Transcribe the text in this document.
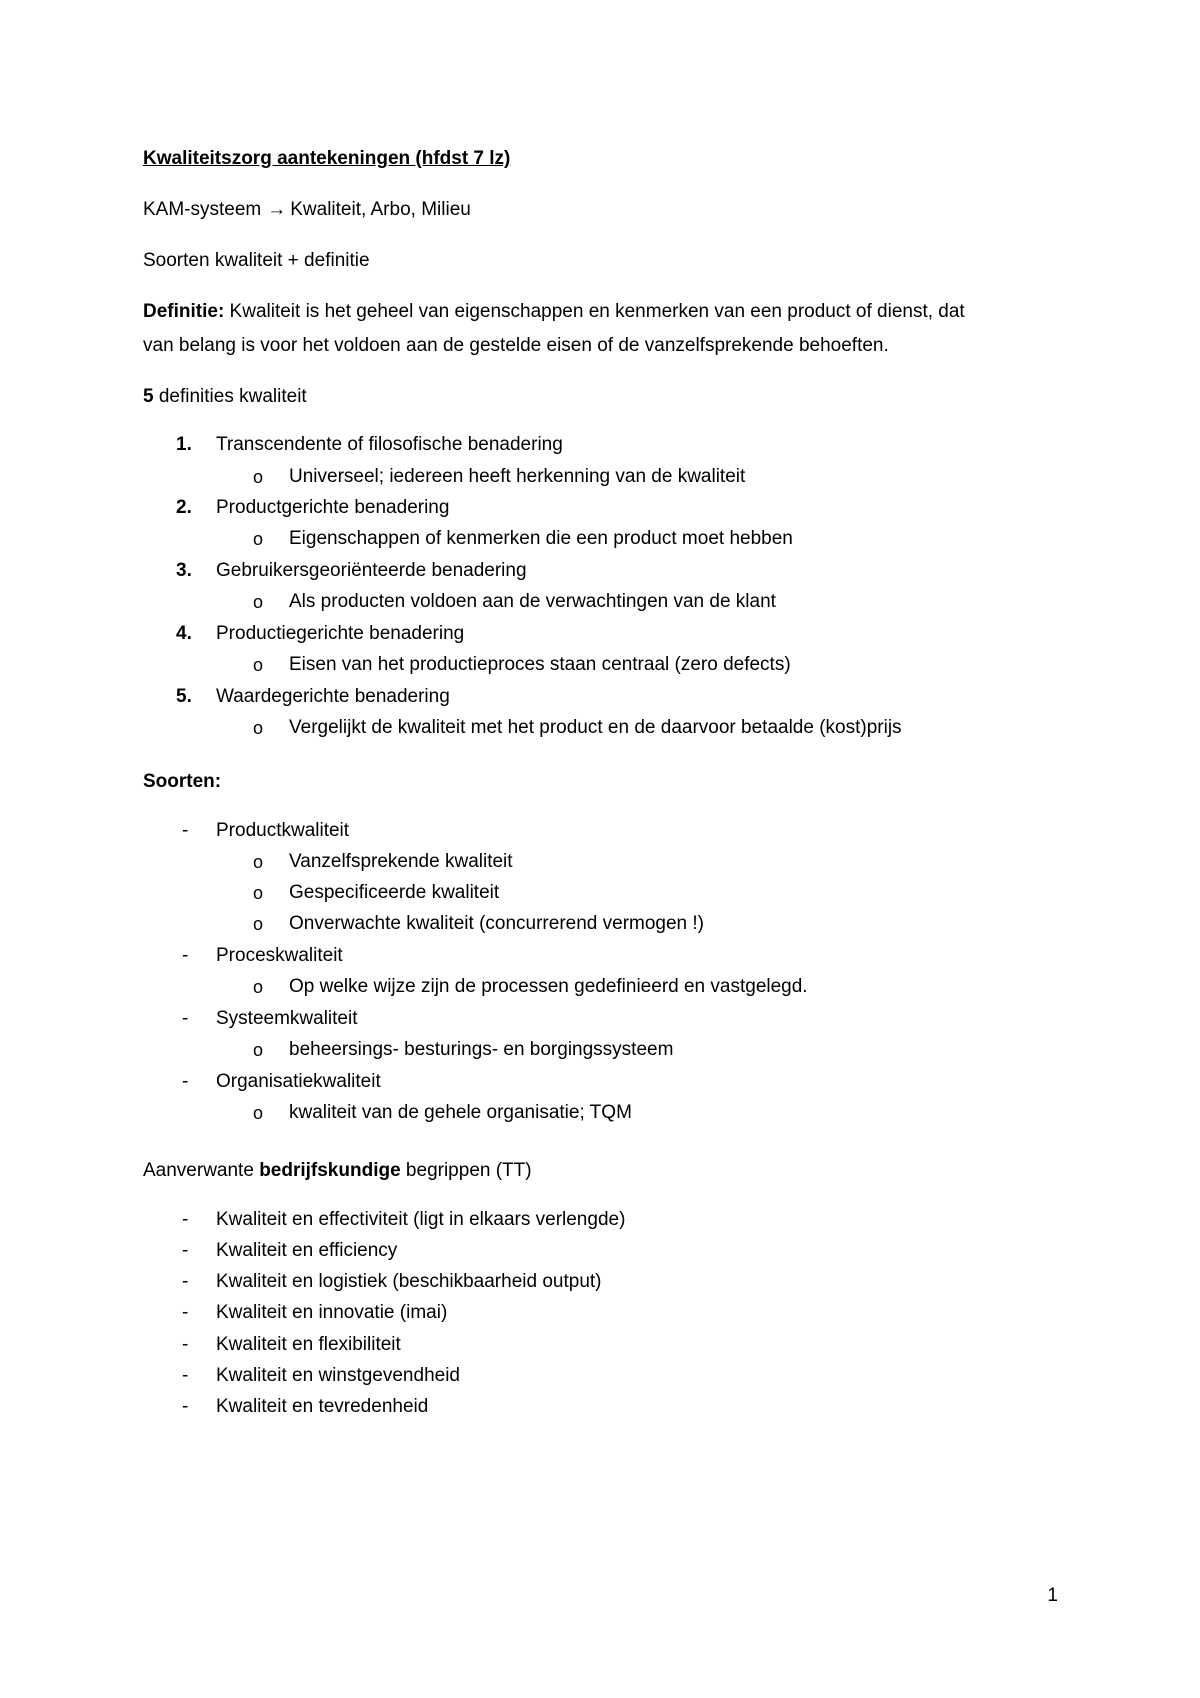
Kwaliteitszorg aantekeningen (hfdst 7 lz)
KAM-systeem → Kwaliteit, Arbo, Milieu
Soorten kwaliteit + definitie
Definitie: Kwaliteit is het geheel van eigenschappen en kenmerken van een product of dienst, dat
van belang is voor het voldoen aan de gestelde eisen of de vanzelfsprekende behoeften.
5 definities kwaliteit
1. Transcendente of filosofische benadering
o Universeel; iedereen heeft herkenning van de kwaliteit
2. Productgerichte benadering
o Eigenschappen of kenmerken die een product moet hebben
3. Gebruikersgeoriënteerde benadering
o Als producten voldoen aan de verwachtingen van de klant
4. Productiegerichte benadering
o Eisen van het productieproces staan centraal (zero defects)
5. Waardegerichte benadering
o Vergelijkt de kwaliteit met het product en de daarvoor betaalde (kost)prijs
Soorten:
- Productkwaliteit
o Vanzelfsprekende kwaliteit
o Gespecificeerde kwaliteit
o Onverwachte kwaliteit (concurrerend vermogen !)
- Proceskwaliteit
o Op welke wijze zijn de processen gedefinieerd en vastgelegd.
- Systeemkwaliteit
o beheersings- besturings- en borgingssysteem
- Organisatiekwaliteit
o kwaliteit van de gehele organisatie; TQM
Aanverwante bedrijfskundige begrippen (TT)
- Kwaliteit en effectiviteit (ligt in elkaars verlengde)
- Kwaliteit en efficiency
- Kwaliteit en logistiek (beschikbaarheid output)
- Kwaliteit en innovatie (imai)
- Kwaliteit en flexibiliteit
- Kwaliteit en winstgevendheid
- Kwaliteit en tevredenheid
1
